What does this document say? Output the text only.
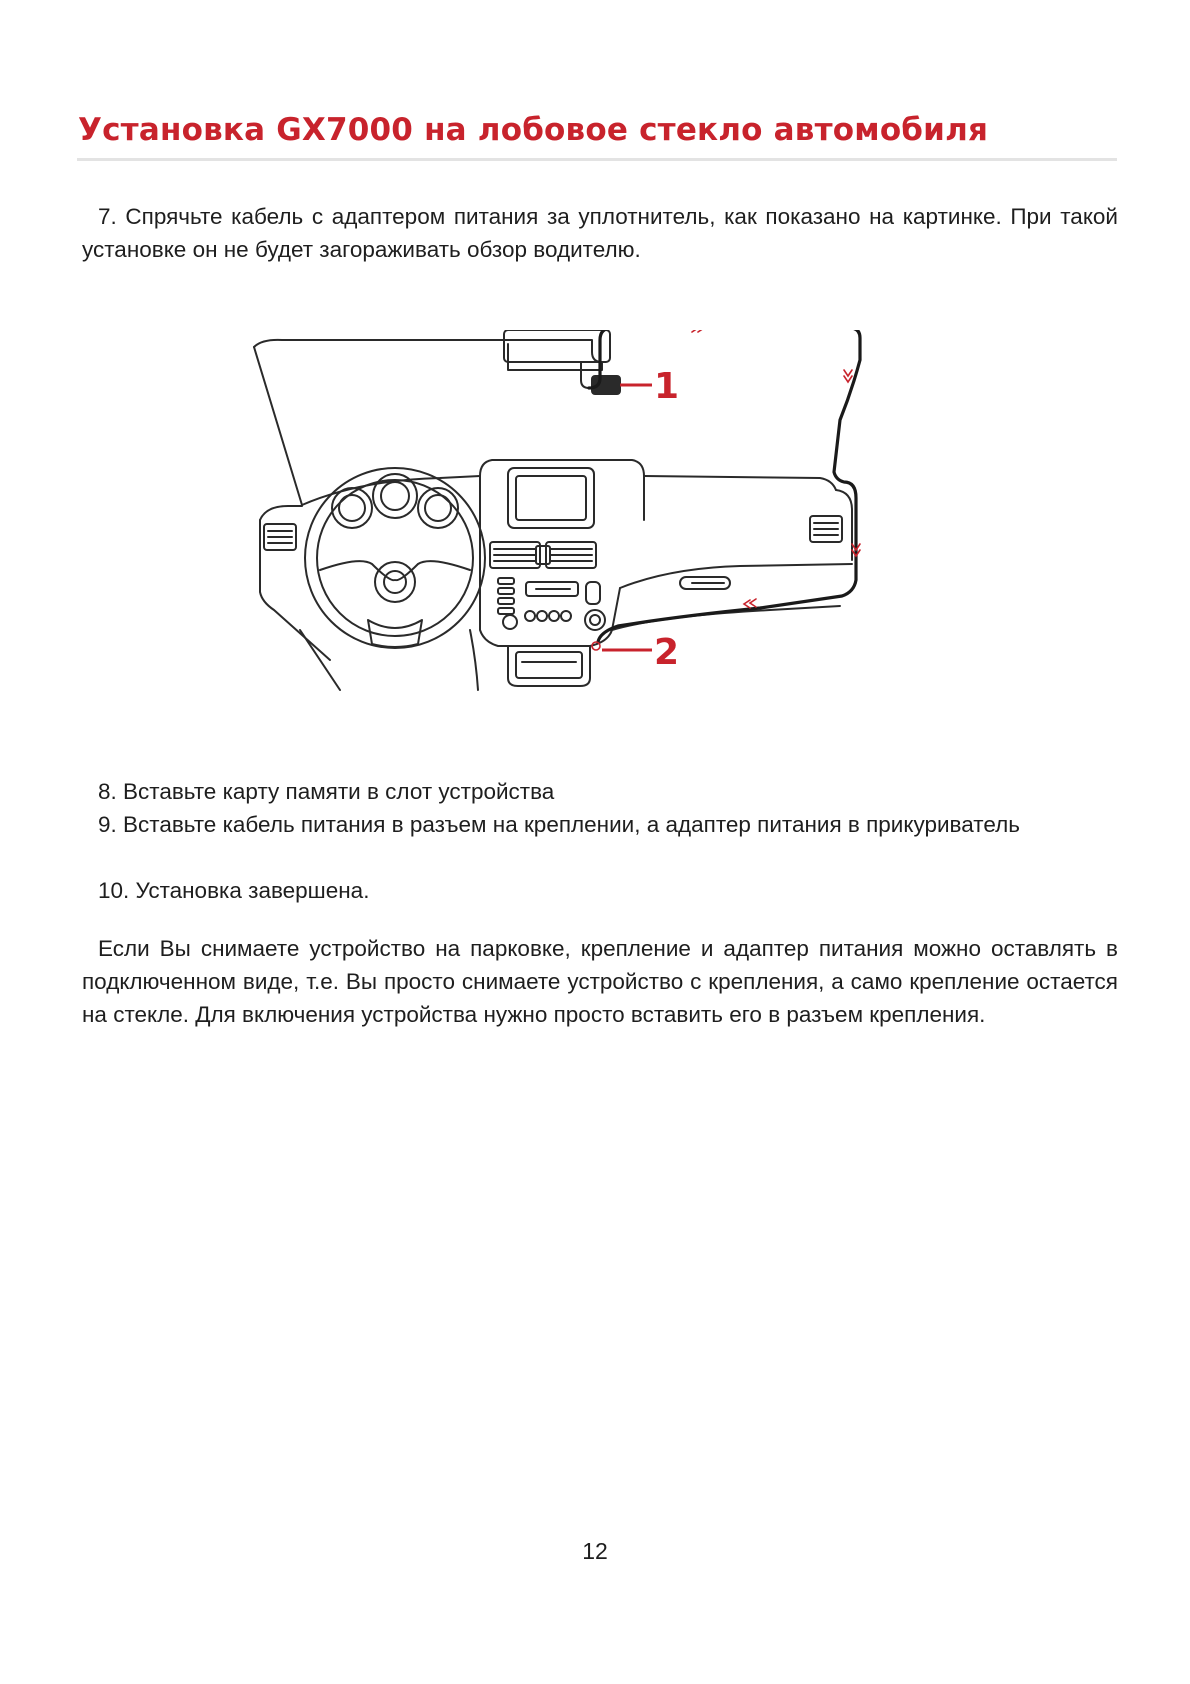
Установка GX7000 на лобовое стекло автомобиля

7. Спрячьте кабель с адаптером питания за уплотнитель, как показано на картинке. При такой установке он не будет загораживать обзор водителю.

1
2

8. Вставьте карту памяти в слот устройства

9. Вставьте кабель питания в разъем на креплении, а адаптер питания в прикуриватель

10. Установка завершена.

Если Вы снимаете устройство на парковке, крепление и адаптер питания можно оставлять в подключенном виде, т.е. Вы просто снимаете устройство с крепления, а само крепление остается на стекле. Для включения устройства нужно просто вставить его в разъем крепления.

12
